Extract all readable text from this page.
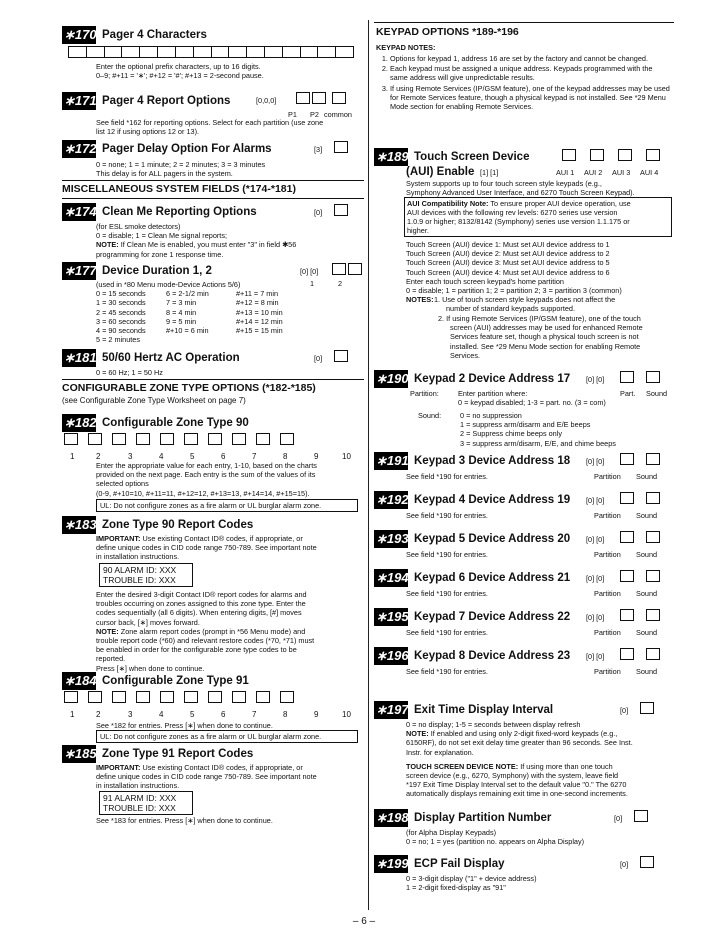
∗170 Pager 4 Characters

Enter the optional prefix characters, up to 16 digits.

0–9; #+11 = '∗'; #+12 = '#'; #+13 = 2-second pause.

∗171 Pager 4 Report Options	[0,0,0]
P1 P2 common

See field *162 for reporting options. Select for each partition (use zone

list 12 if using options 12 or 13).

∗172 Pager Delay Option For Alarms	[3]

0 = none; 1 = 1 minute; 2 = 2 minutes; 3 = 3 minutes

This delay is for ALL pagers in the system.

MISCELLANEOUS SYSTEM FIELDS (*174-*181)
∗174 Clean Me Reporting Options	[0]

(for ESL smoke detectors)

0 = disable; 1 = Clean Me signal reports;

NOTE: If Clean Me is enabled, you must enter "3" in field ✱56

programming for zone 1 response time.

∗177 Device Duration 1, 2	[0] [0]
1	2

(used in *80 Menu mode-Device Actions 5/6)

0 = 15 seconds	6 = 2-1/2 min	#+11 = 7 min
1 = 30 seconds	7 = 3 min	#+12 = 8 min
2 = 45 seconds	8 = 4 min	#+13 = 10 min
3 = 60 seconds	9 = 5 min	#+14 = 12 min
4 = 90 seconds	#+10 = 6 min	#+15 = 15 min
5 = 2 minutes
∗181 50/60 Hertz AC Operation	[0]

0 = 60 Hz; 1 = 50 Hz

CONFIGURABLE ZONE TYPE OPTIONS (*182-*185)
(see Configurable Zone Type Worksheet on page 7)
∗182 Configurable Zone Type 90
1	2	3	4	5	6	7	8	9	10

Enter the appropriate value for each entry, 1-10, based on the charts

provided on the next page. Each entry is the sum of the values of its

selected options

(0-9, #+10=10, #+11=11, #+12=12, #+13=13, #+14=14, #+15=15).

UL: Do not configure zones as a fire alarm or UL burglar alarm zone.
∗183 Zone Type 90 Report Codes

IMPORTANT: Use existing Contact ID® codes, if appropriate, or

define unique codes in CID code range 750-789. See important note

in installation instructions.

90 ALARM ID: XXX
TROUBLE ID: XXX

Enter the desired 3-digit Contact ID® report codes for alarms and

troubles occurring on zones assigned to this zone type. Enter the

codes sequentially (all 6 digits). When entering digits, [#] moves

cursor back, [∗] moves forward.

NOTE: Zone alarm report codes (prompt in *56 Menu mode) and

trouble report code (*60) and relevant restore codes (*70, *71) must

be enabled in order for the configurable zone type codes to be

reported.

Press [∗] when done to continue.

∗184 Configurable Zone Type 91
1	2	3	4	5	6	7	8	9	10

See *182 for entries. Press [∗] when done to continue.

UL: Do not configure zones as a fire alarm or UL burglar alarm zone.
∗185 Zone Type 91 Report Codes

IMPORTANT: Use existing Contact ID® codes, if appropriate, or

define unique codes in CID code range 750-789. See important note

in installation instructions.

91 ALARM ID: XXX
TROUBLE ID: XXX

See *183 for entries. Press [∗] when done to continue.

KEYPAD OPTIONS *189-*196
KEYPAD NOTES:
1. Options for keypad 1, address 16 are set by the factory and cannot be changed.
2. Each keypad must be assigned a unique address. Keypads programmed with the same address will give unpredictable results.
3. If using Remote Services (IP/GSM feature), one of the keypad addresses may be used for Remote Services feature, though a physical keypad is not installed. See *29 Menu Mode section for enabling Remote Services.
∗189 Touch Screen Device
(AUI) Enable [1] [1]	AUI 1 AUI 2 AUI 3 AUI 4

System supports up to four touch screen style keypads (e.g.,

Symphony Advanced User Interface, and 6270 Touch Screen Keypad).

AUI Compatibility Note: To ensure proper AUI device operation, use

AUI devices with the following rev levels: 6270 series use version

1.0.9 or higher; 8132/8142 (Symphony) series use version 1.1.175 or

higher.

Touch Screen (AUI) device 1: Must set AUI device address to 1

Touch Screen (AUI) device 2: Must set AUI device address to 2

Touch Screen (AUI) device 3: Must set AUI device address to 5

Touch Screen (AUI) device 4: Must set AUI device address to 6

Enter each touch screen keypad's home partition

0 = disable; 1 = partition 1; 2 = partition 2; 3 = partition 3 (common)

NOTES: 1. Use of touch screen style keypads does not affect the

number of standard keypads supported.

2. If using Remote Services (IP/GSM feature), one of the touch

screen (AUI) addresses may be used for enhanced Remote

Services feature set, though a physical touch screen is not

installed. See *29 Menu Mode section for enabling Remote

Services.

∗190 Keypad 2 Device Address 17 [0] [0]
Partition:	Enter partition where:	Part. Sound
0 = keypad disabled; 1-3 = part. no. (3 = com)
Sound:	0 = no suppression

1 = suppress arm/disarm and E/E beeps

2 = Suppress chime beeps only

3 = suppress arm/disarm, E/E, and chime beeps

∗191 Keypad 3 Device Address 18 [0] [0]
See field *190 for entries.	Partition Sound
∗192 Keypad 4 Device Address 19 [0] [0]
See field *190 for entries.	Partition Sound
∗193 Keypad 5 Device Address 20 [0] [0]
See field *190 for entries.	Partition Sound
∗194 Keypad 6 Device Address 21 [0] [0]
See field *190 for entries.	Partition Sound
∗195 Keypad 7 Device Address 22 [0] [0]
See field *190 for entries.	Partition Sound
∗196 Keypad 8 Device Address 23 [0] [0]
See field *190 for entries.	Partition Sound
∗197 Exit Time Display Interval	[0]

0 = no display; 1-5 = seconds between display refresh

NOTE: If enabled and using only 2-digit fixed-word keypads (e.g.,

6150RF), do not set exit delay time greater than 96 seconds. See Inst.

Instr. for explanation.

TOUCH SCREEN DEVICE NOTE: If using more than one touch

screen device (e.g., 6270, Symphony) with the system, leave field

*197 Exit Time Display Interval set to the default value "0." The 6270

automatically displays remaining exit time in one-second increments.

∗198 Display Partition Number	[0]

(for Alpha Display Keypads)

0 = no; 1 = yes (partition no. appears on Alpha Display)

∗199 ECP Fail Display	[0]

0 = 3-digit display ("1" + device address)

1 = 2-digit fixed-display as "91"

– 6 –
